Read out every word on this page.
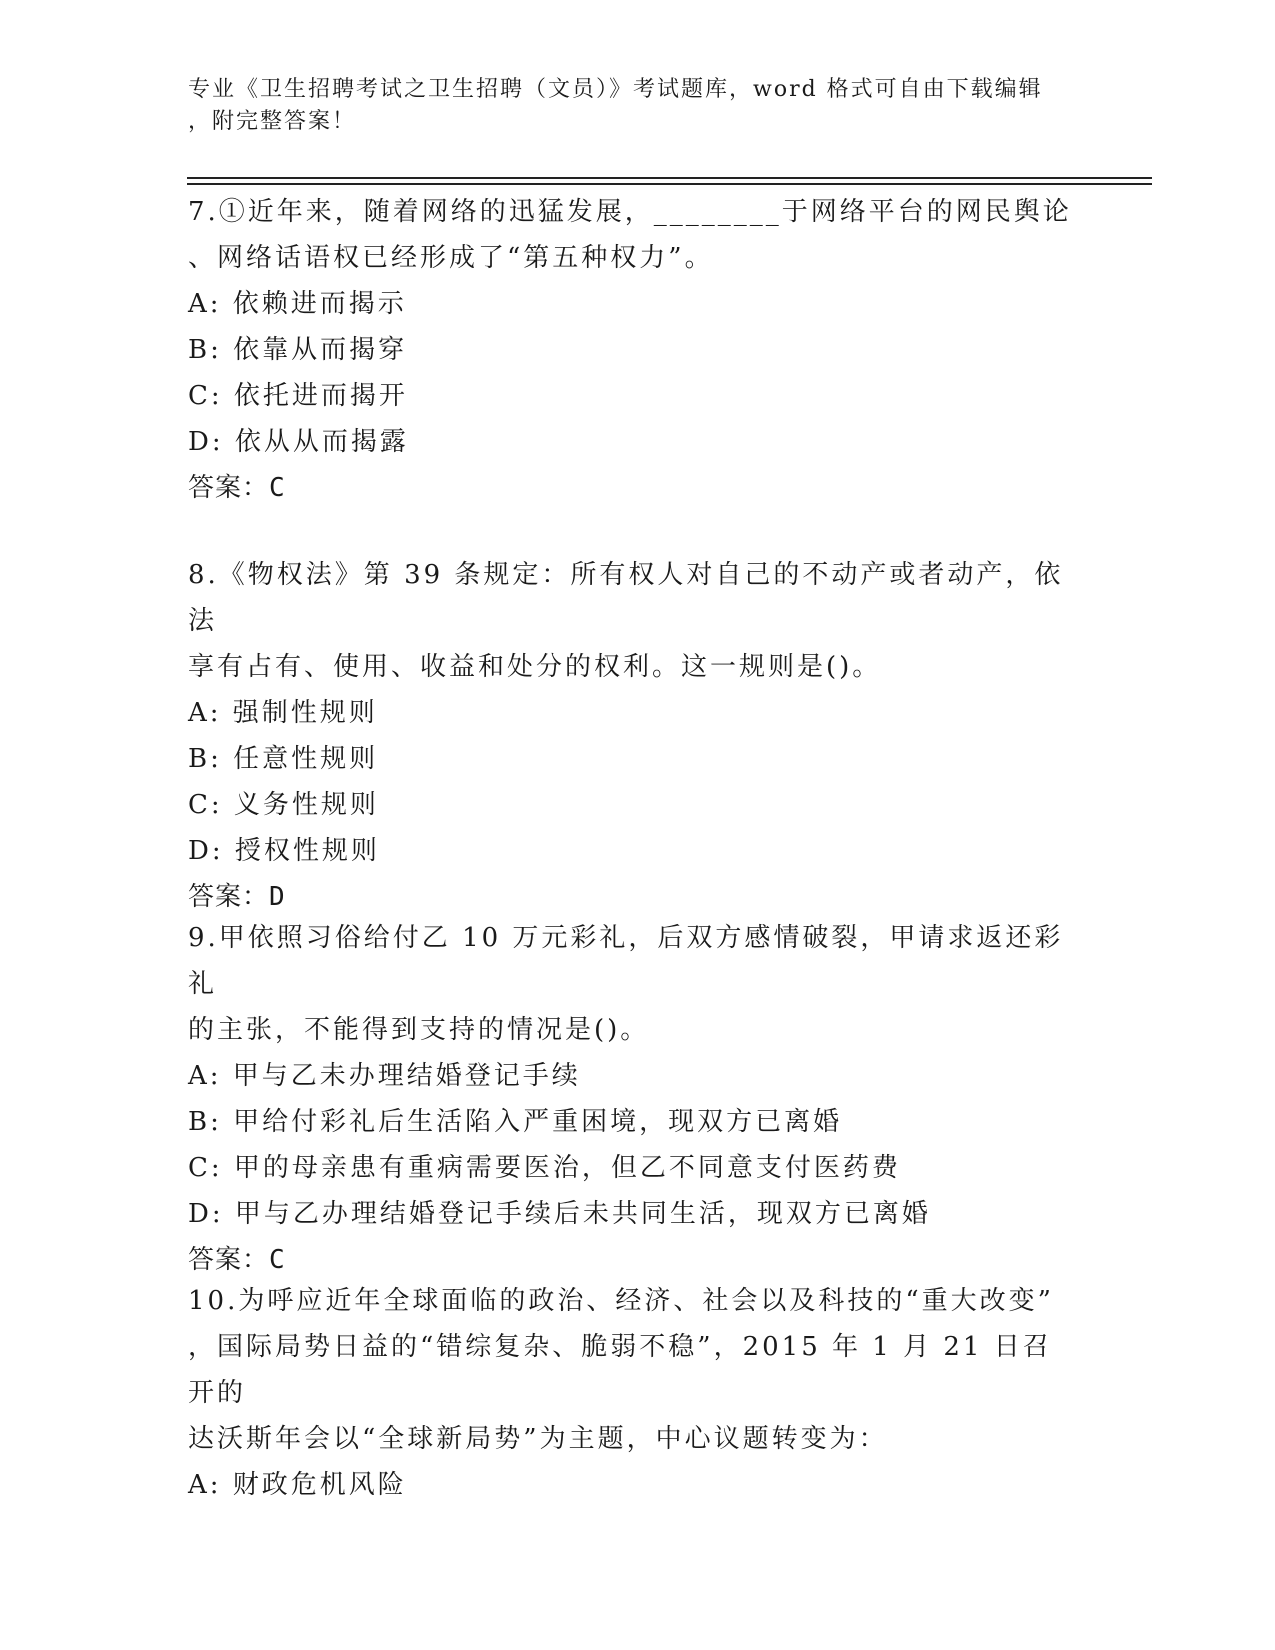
专业《卫生招聘考试之卫生招聘（文员）》考试题库，word 格式可自由下载编辑
，附完整答案！
7.①近年来，随着网络的迅猛发展，________于网络平台的网民舆论
、网络话语权已经形成了“第五种权力”。
A: 依赖进而揭示
B: 依靠从而揭穿
C: 依托进而揭开
D: 依从从而揭露
答案：C
8.《物权法》第 39 条规定：所有权人对自己的不动产或者动产，依法
享有占有、使用、收益和处分的权利。这一规则是()。
A: 强制性规则
B: 任意性规则
C: 义务性规则
D: 授权性规则
答案：D
9.甲依照习俗给付乙 10 万元彩礼，后双方感情破裂，甲请求返还彩礼
的主张，不能得到支持的情况是()。
A: 甲与乙未办理结婚登记手续
B: 甲给付彩礼后生活陷入严重困境，现双方已离婚
C: 甲的母亲患有重病需要医治，但乙不同意支付医药费
D: 甲与乙办理结婚登记手续后未共同生活，现双方已离婚
答案：C
10.为呼应近年全球面临的政治、经济、社会以及科技的“重大改变”
，国际局势日益的“错综复杂、脆弱不稳”，2015 年 1 月 21 日召开的
达沃斯年会以“全球新局势”为主题，中心议题转变为：
A: 财政危机风险
